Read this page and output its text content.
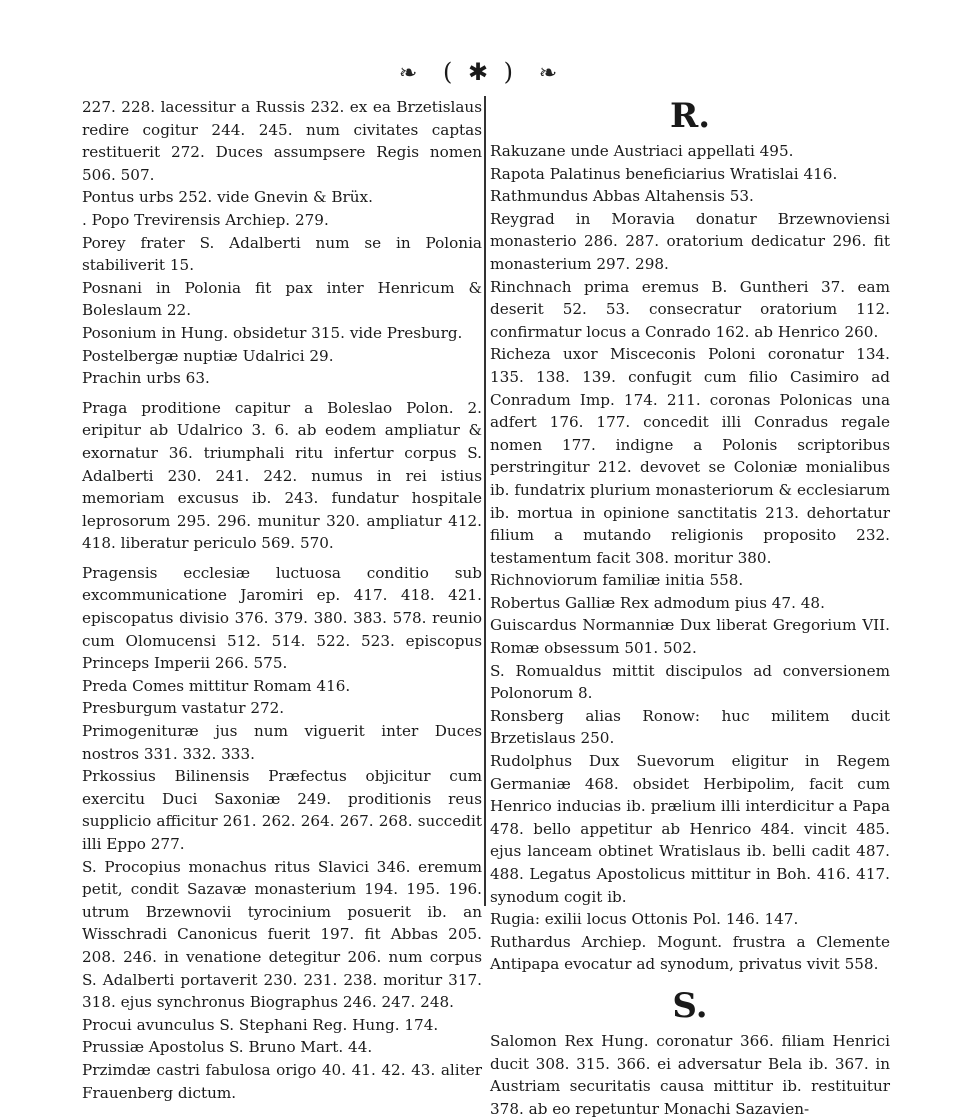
❧ ( ✱ ) ❧

227. 228. lacessitur a Russis 232. ex ea Brzetislaus redire cogitur 244. 245. num civitates captas restituerit 272. Duces assumpsere Regis nomen 506. 507.

Pontus urbs 252. vide Gnevin & Brüx.

. Popo Trevirensis Archiep. 279.

Porey frater S. Adalberti num se in Polonia stabiliverit 15.

Posnani in Polonia fit pax inter Henricum & Boleslaum 22.

Posonium in Hung. obsidetur 315. vide Presburg.

Postelbergæ nuptiæ Udalrici 29.

Prachin urbs 63.

Praga proditione capitur a Boleslao Polon. 2. eripitur ab Udalrico 3. 6. ab eodem ampliatur & exornatur 36. triumphali ritu infertur corpus S. Adalberti 230. 241. 242. numus in rei istius memoriam excusus ib. 243. fundatur hospitale leprosorum 295. 296. munitur 320. ampliatur 412. 418. liberatur periculo 569. 570.

Pragensis ecclesiæ luctuosa conditio sub excommunicatione Jaromiri ep. 417. 418. 421. episcopatus divisio 376. 379. 380. 383. 578. reunio cum Olomucensi 512. 514. 522. 523. episcopus Princeps Imperii 266. 575.

Preda Comes mittitur Romam 416.

Presburgum vastatur 272.

Primogenituræ jus num viguerit inter Duces nostros 331. 332. 333.

Prkossius Bilinensis Præfectus objicitur cum exercitu Duci Saxoniæ 249. proditionis reus supplicio afficitur 261. 262. 264. 267. 268. succedit illi Eppo 277.

S. Procopius monachus ritus Slavici 346. eremum petit, condit Sazavæ monasterium 194. 195. 196. utrum Brzewnovii tyrocinium posuerit ib. an Wisschradi Canonicus fuerit 197. fit Abbas 205. 208. 246. in venatione detegitur 206. num corpus S. Adalberti portaverit 230. 231. 238. moritur 317. 318. ejus synchronus Biographus 246. 247. 248.

Procui avunculus S. Stephani Reg. Hung. 174.

Prussiæ Apostolus S. Bruno Mart. 44.

Przimdæ castri fabulosa origo 40. 41. 42. 43. aliter Frauenberg dictum.

R.

Rakuzane unde Austriaci appellati 495.

Rapota Palatinus beneficiarius Wratislai 416.

Rathmundus Abbas Altahensis 53.

Reygrad in Moravia donatur Brzewnoviensi monasterio 286. 287. oratorium dedicatur 296. fit monasterium 297. 298.

Rinchnach prima eremus B. Guntheri 37. eam deserit 52. 53. consecratur oratorium 112. confirmatur locus a Conrado 162. ab Henrico 260.

Richeza uxor Misceconis Poloni coronatur 134. 135. 138. 139. confugit cum filio Casimiro ad Conradum Imp. 174. 211. coronas Polonicas una adfert 176. 177. concedit illi Conradus regale nomen 177. indigne a Polonis scriptoribus perstringitur 212. devovet se Coloniæ monialibus ib. fundatrix plurium monasteriorum & ecclesiarum ib. mortua in opinione sanctitatis 213. dehortatur filium a mutando religionis proposito 232. testamentum facit 308. moritur 380.

Richnoviorum familiæ initia 558.

Robertus Galliæ Rex admodum pius 47. 48.

Guiscardus Normanniæ Dux liberat Gregorium VII. Romæ obsessum 501. 502.

S. Romualdus mittit discipulos ad conversionem Polonorum 8.

Ronsberg alias Ronow: huc militem ducit Brzetislaus 250.

Rudolphus Dux Suevorum eligitur in Regem Germaniæ 468. obsidet Herbipolim, facit cum Henrico inducias ib. prælium illi interdicitur a Papa 478. bello appetitur ab Henrico 484. vincit 485. ejus lanceam obtinet Wratislaus ib. belli cadit 487. 488. Legatus Apostolicus mittitur in Boh. 416. 417. synodum cogit ib.

Rugia: exilii locus Ottonis Pol. 146. 147.

Ruthardus Archiep. Mogunt. frustra a Clemente Antipapa evocatur ad synodum, privatus vivit 558.

S.

Salomon Rex Hung. coronatur 366. filiam Henrici ducit 308. 315. 366. ei adversatur Bela ib. 367. in Austriam securitatis causa mittitur ib. restituitur 378. ab eo repetuntur Monachi Sazavien-
